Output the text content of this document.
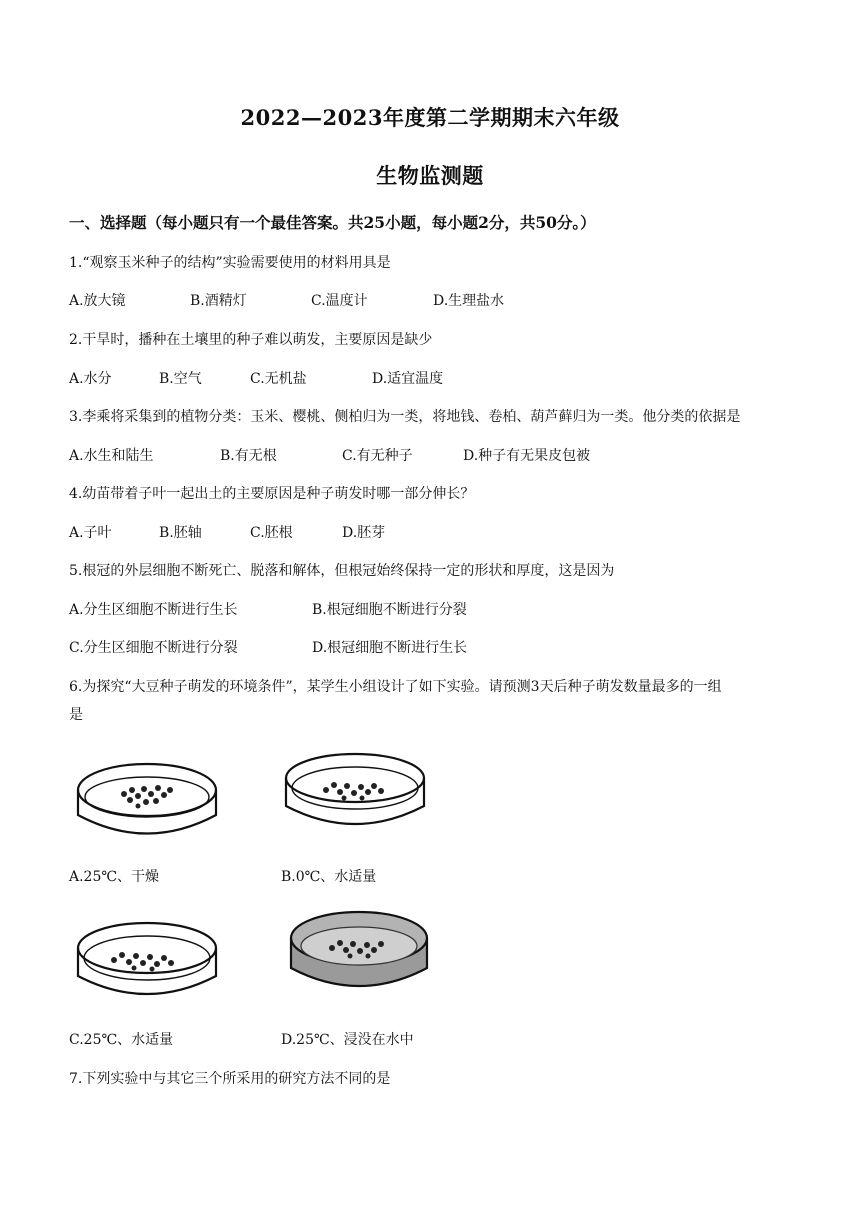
2022—2023年度第二学期期末六年级
生物监测题
一、选择题（每小题只有一个最佳答案。共25小题，每小题2分，共50分。）
1.“观察玉米种子的结构”实验需要使用的材料用具是
A.放大镜	B.酒精灯	C.温度计	D.生理盐水
2.干旱时，播种在土壤里的种子难以萌发，主要原因是缺少
A.水分	B.空气	C.无机盐	D.适宜温度
3.李乘将采集到的植物分类：玉米、樱桃、侧柏归为一类，将地钱、卷柏、葫芦藓归为一类。他分类的依据是
A.水生和陆生	B.有无根	C.有无种子	D.种子有无果皮包被
4.幼苗带着子叶一起出土的主要原因是种子萌发时哪一部分伸长？
A.子叶	B.胚轴	C.胚根	D.胚芽
5.根冠的外层细胞不断死亡、脱落和解体，但根冠始终保持一定的形状和厚度，这是因为
A.分生区细胞不断进行生长	B.根冠细胞不断进行分裂
C.分生区细胞不断进行分裂	D.根冠细胞不断进行生长
6.为探究“大豆种子萌发的环境条件”，某学生小组设计了如下实验。请预测3天后种子萌发数量最多的一组
是
A.25℃、干燥	B.0℃、水适量
C.25℃、水适量	D.25℃、浸没在水中
7.下列实验中与其它三个所采用的研究方法不同的是
